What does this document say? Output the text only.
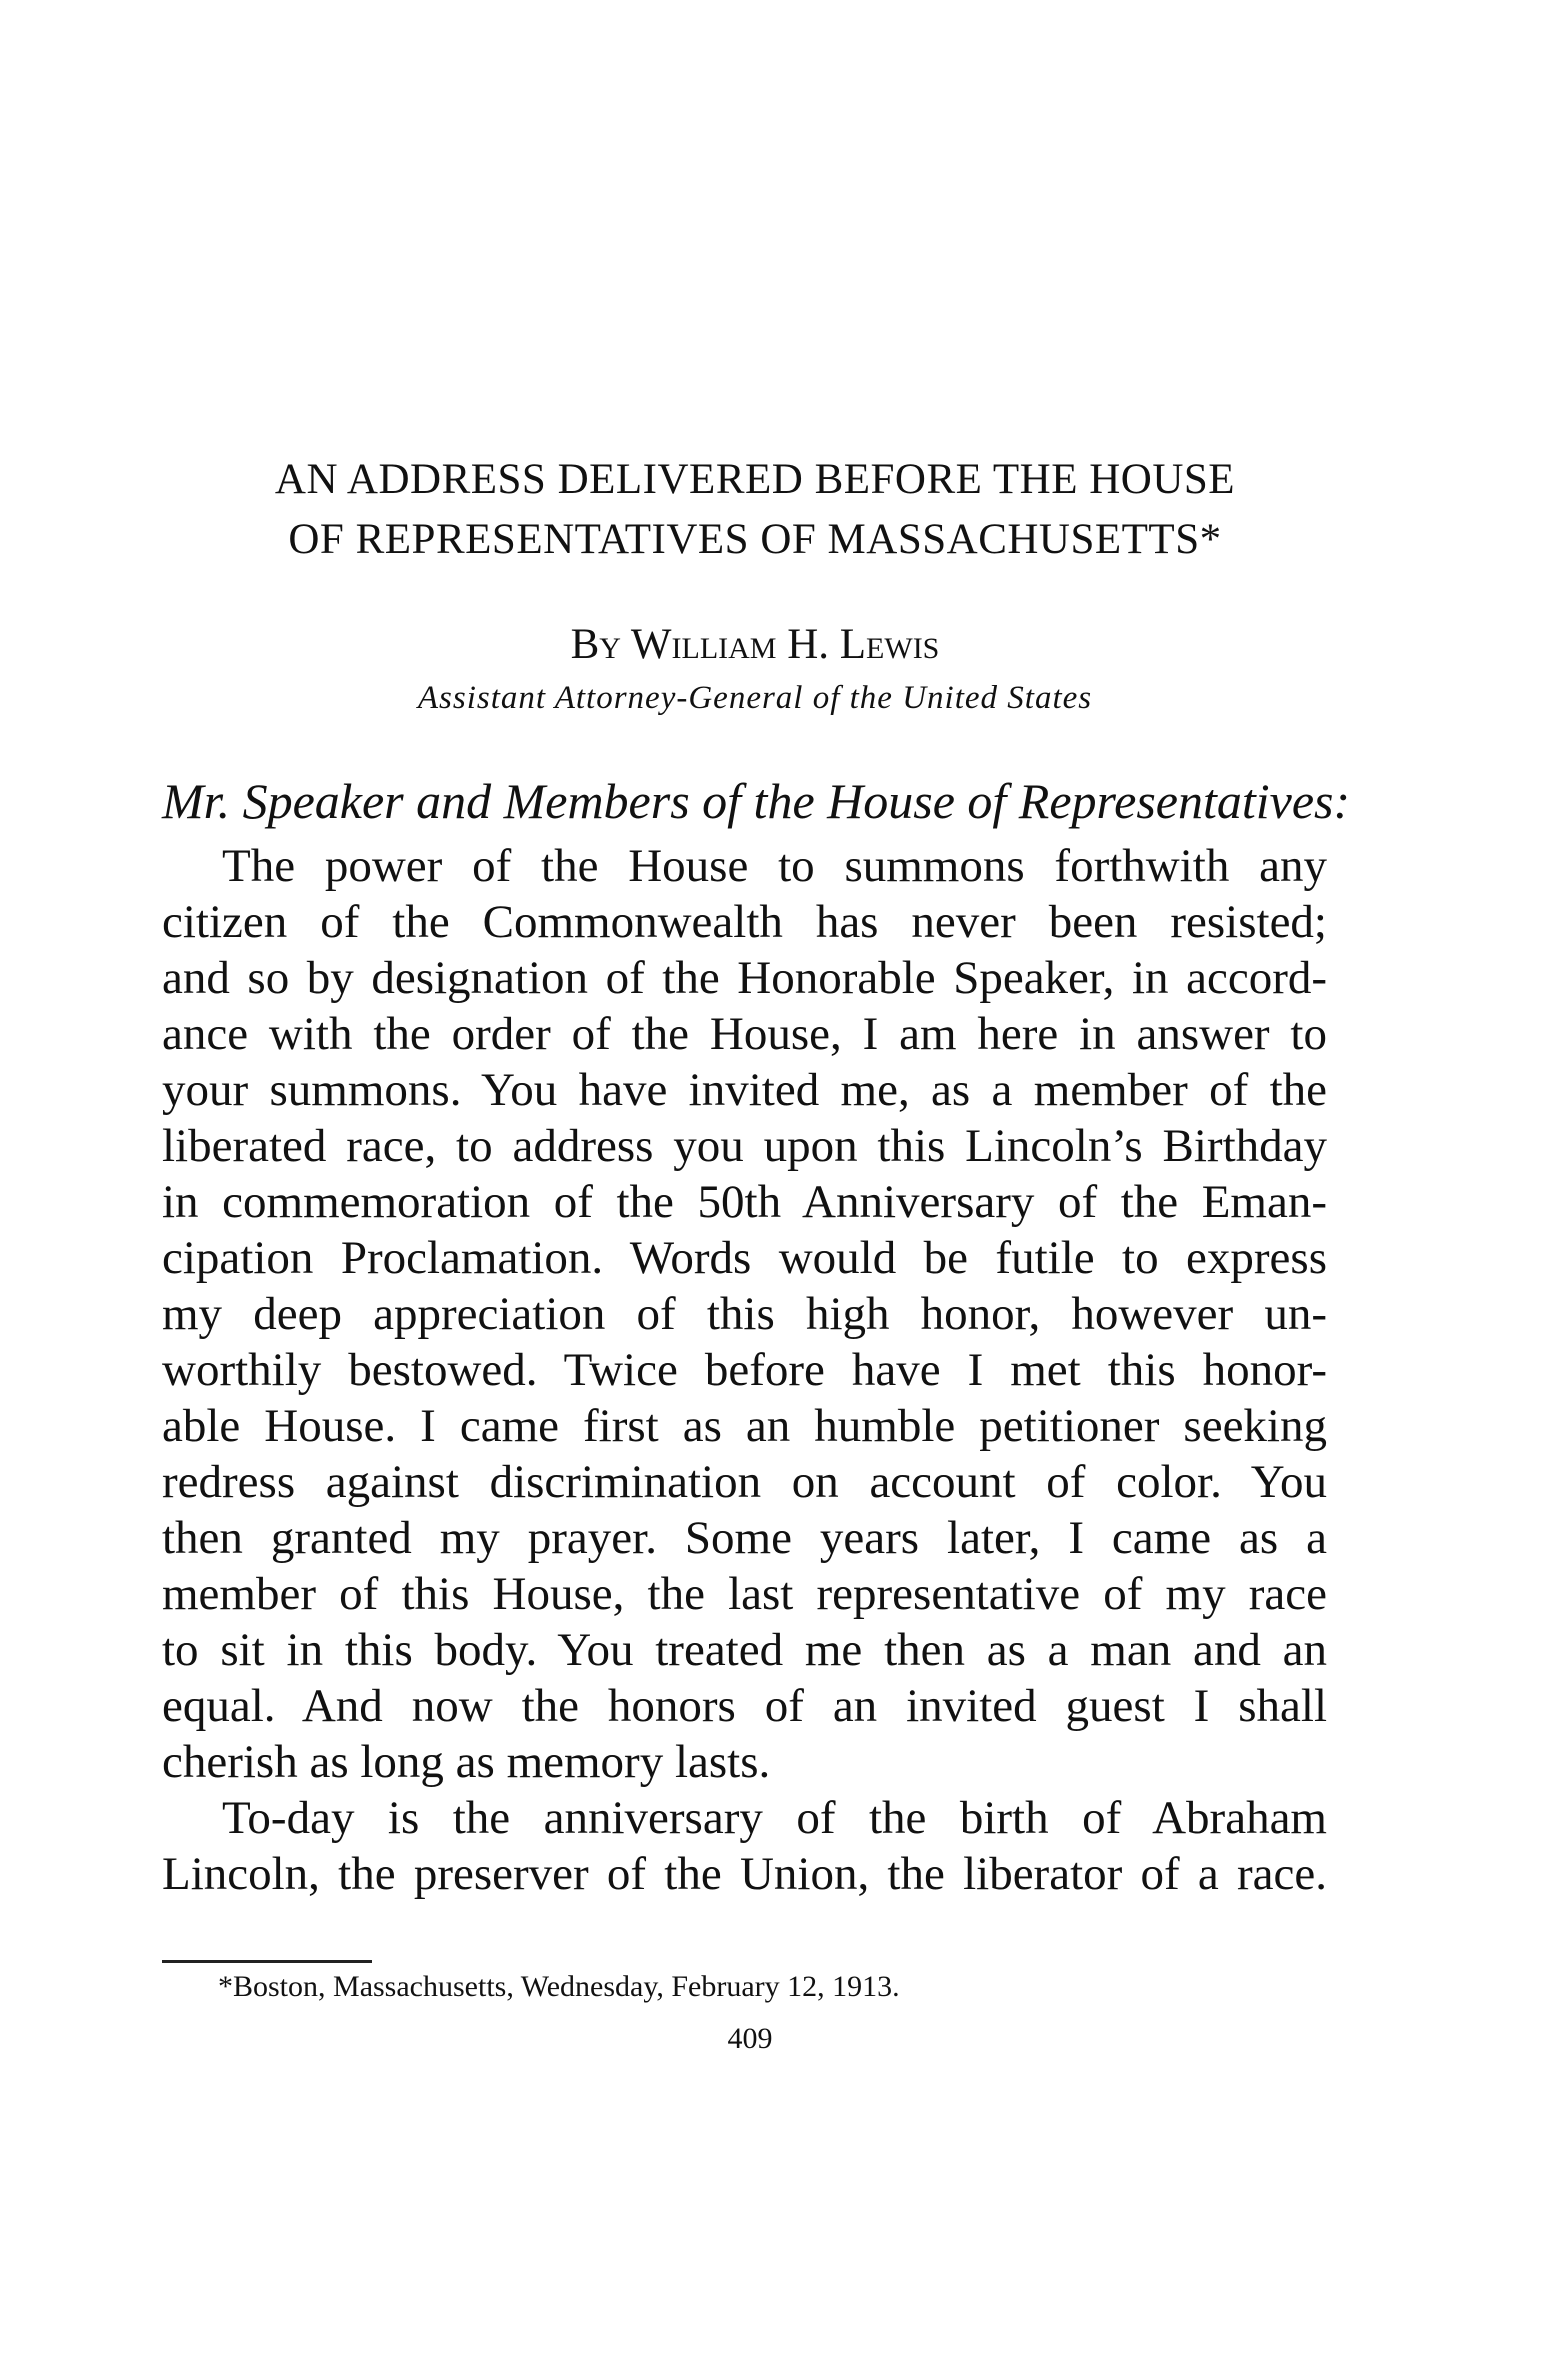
AN ADDRESS DELIVERED BEFORE THE HOUSE
OF REPRESENTATIVES OF MASSACHUSETTS*
By William H. Lewis
Assistant Attorney-General of the United States
Mr. Speaker and Members of the House of Representatives:
The power of the House to summons forthwith any
citizen of the Commonwealth has never been resisted;
and so by designation of the Honorable Speaker, in accord-
ance with the order of the House, I am here in answer to
your summons. You have invited me, as a member of the
liberated race, to address you upon this Lincoln’s Birthday
in commemoration of the 50th Anniversary of the Eman-
cipation Proclamation. Words would be futile to express
my deep appreciation of this high honor, however un-
worthily bestowed. Twice before have I met this honor-
able House. I came first as an humble petitioner seeking
redress against discrimination on account of color. You
then granted my prayer. Some years later, I came as a
member of this House, the last representative of my race
to sit in this body. You treated me then as a man and an
equal. And now the honors of an invited guest I shall
cherish as long as memory lasts.
To-day is the anniversary of the birth of Abraham
Lincoln, the preserver of the Union, the liberator of a race.
*Boston, Massachusetts, Wednesday, February 12, 1913.
409
